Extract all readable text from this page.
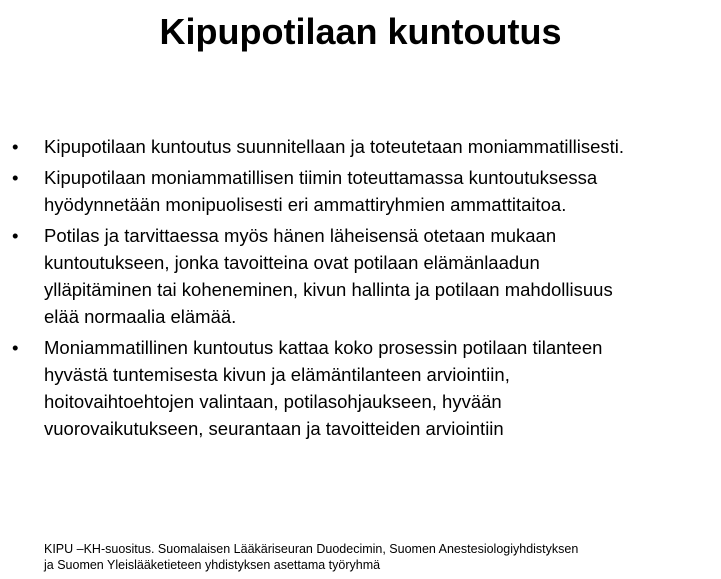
Kipupotilaan kuntoutus
• Kipupotilaan kuntoutus suunnitellaan ja toteutetaan moniammatillisesti.
• Kipupotilaan moniammatillisen tiimin toteuttamassa kuntoutuksessa
hyödynnetään monipuolisesti eri ammattiryhmien ammattitaitoa.
• Potilas ja tarvittaessa myös hänen läheisensä otetaan mukaan
kuntoutukseen, jonka tavoitteina ovat potilaan elämänlaadun
ylläpitäminen tai koheneminen, kivun hallinta ja potilaan mahdollisuus
elää normaalia elämää.
• Moniammatillinen kuntoutus kattaa koko prosessin potilaan tilanteen
hyvästä tuntemisesta kivun ja elämäntilanteen arviointiin,
hoitovaihtoehtojen valintaan, potilasohjaukseen, hyvään
vuorovaikutukseen, seurantaan ja tavoitteiden arviointiin
KIPU –KH-suositus. Suomalaisen Lääkäriseuran Duodecimin, Suomen Anestesiologiyhdistyksen
ja Suomen Yleislääketieteen yhdistyksen asettama työryhmä
